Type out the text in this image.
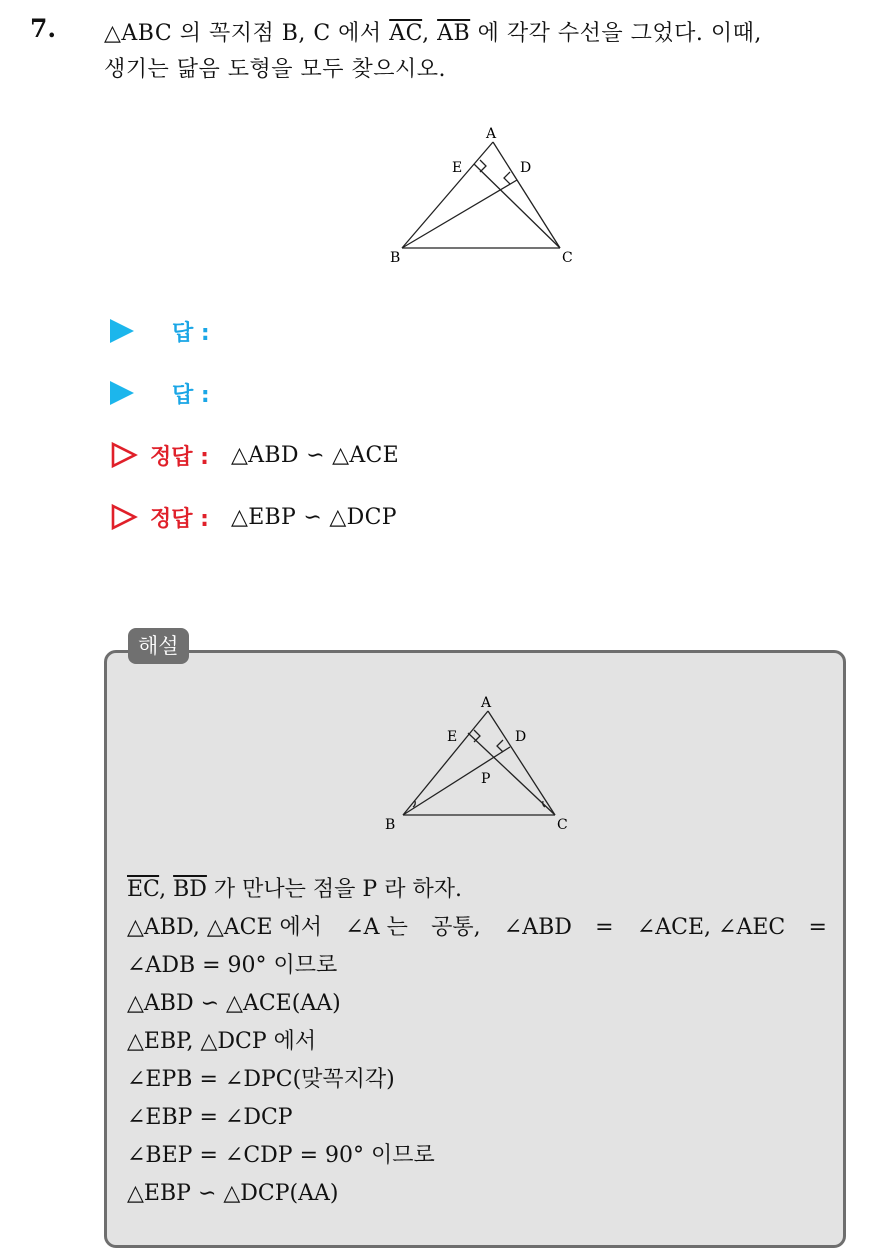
7. △ABC 의 꼭지점 B, C 에서 $\overline{AC}$, $\overline{AB}$ 에 각각 수선을 그었다. 이때,
생기는 닮음 도형을 모두 찾으시오.
A
B	C
D
E
답 :
답 :
정답 : △ABD ∽ △ACE
정답 : △EBP ∽ △DCP
A
B	C
D
E
P
$\overline{EC}$, $\overline{BD}$ 가 만나는 점을 P 라 하자.
△ABD, △ACE 에서 ∠A 는 공통, ∠ABD = ∠ACE, ∠AEC =
∠ADB = 90° 이므로
△ABD ∽ △ACE(AA)
△EBP, △DCP 에서
∠EPB = ∠DPC(맞꼭지각)
∠EBP = ∠DCP
∠BEP = ∠CDP = 90° 이므로
△EBP ∽ △DCP(AA)
해설
